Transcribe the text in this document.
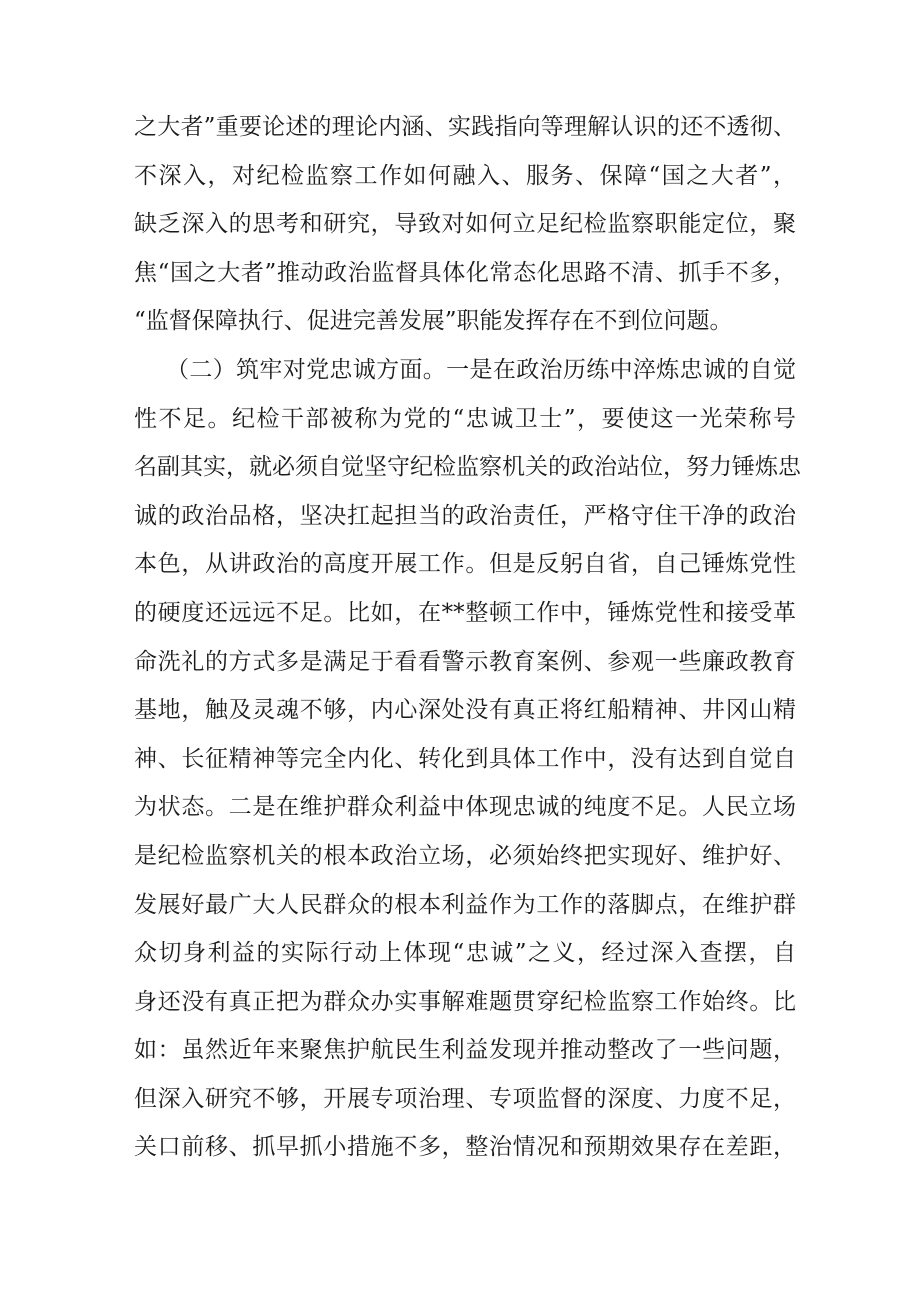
之大者”重要论述的理论内涵、实践指向等理解认识的还不透彻、
不深入，对纪检监察工作如何融入、服务、保障“国之大者”，
缺乏深入的思考和研究，导致对如何立足纪检监察职能定位，聚
焦“国之大者”推动政治监督具体化常态化思路不清、抓手不多，
“监督保障执行、促进完善发展”职能发挥存在不到位问题。
（二）筑牢对党忠诚方面。一是在政治历练中淬炼忠诚的自觉
性不足。纪检干部被称为党的“忠诚卫士”，要使这一光荣称号
名副其实，就必须自觉坚守纪检监察机关的政治站位，努力锤炼忠
诚的政治品格，坚决扛起担当的政治责任，严格守住干净的政治
本色，从讲政治的高度开展工作。但是反躬自省，自己锤炼党性
的硬度还远远不足。比如，在**整顿工作中，锤炼党性和接受革
命洗礼的方式多是满足于看看警示教育案例、参观一些廉政教育
基地，触及灵魂不够，内心深处没有真正将红船精神、井冈山精
神、长征精神等完全内化、转化到具体工作中，没有达到自觉自
为状态。二是在维护群众利益中体现忠诚的纯度不足。人民立场
是纪检监察机关的根本政治立场，必须始终把实现好、维护好、
发展好最广大人民群众的根本利益作为工作的落脚点，在维护群
众切身利益的实际行动上体现“忠诚”之义，经过深入查摆，自
身还没有真正把为群众办实事解难题贯穿纪检监察工作始终。比
如：虽然近年来聚焦护航民生利益发现并推动整改了一些问题，
但深入研究不够，开展专项治理、专项监督的深度、力度不足，
关口前移、抓早抓小措施不多，整治情况和预期效果存在差距，
